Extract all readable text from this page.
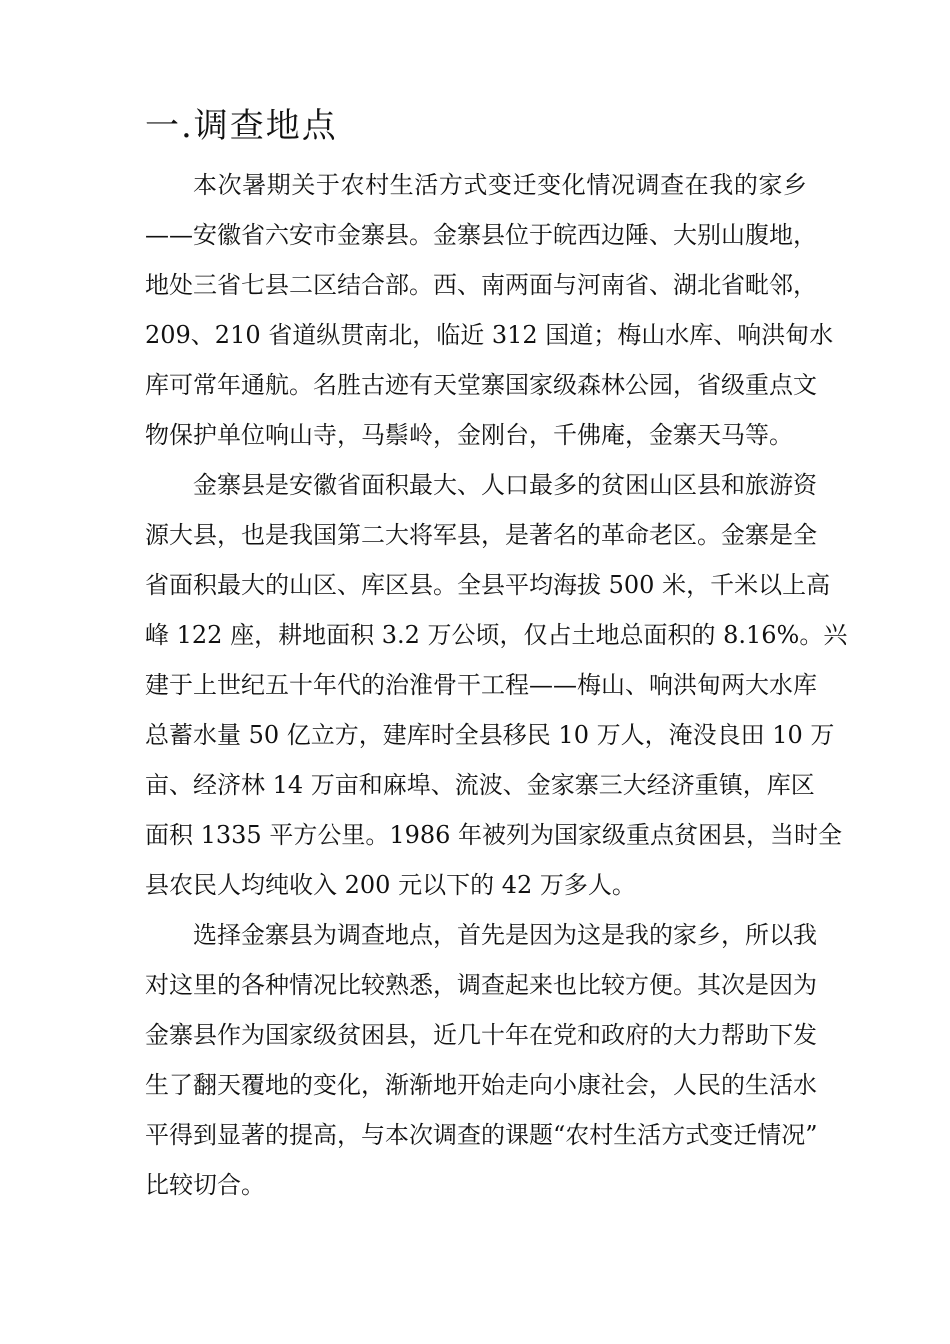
一.调查地点
本次暑期关于农村生活方式变迁变化情况调查在我的家乡
——安徽省六安市金寨县。金寨县位于皖西边陲、大别山腹地，
地处三省七县二区结合部。西、南两面与河南省、湖北省毗邻，
209、210 省道纵贯南北，临近 312 国道；梅山水库、响洪甸水
库可常年通航。名胜古迹有天堂寨国家级森林公园，省级重点文
物保护单位响山寺，马鬃岭，金刚台，千佛庵，金寨天马等。
金寨县是安徽省面积最大、人口最多的贫困山区县和旅游资
源大县，也是我国第二大将军县，是著名的革命老区。金寨是全
省面积最大的山区、库区县。全县平均海拔 500 米，千米以上高
峰 122 座，耕地面积 3.2 万公顷，仅占土地总面积的 8.16%。兴
建于上世纪五十年代的治淮骨干工程——梅山、响洪甸两大水库
总蓄水量 50 亿立方，建库时全县移民 10 万人，淹没良田 10 万
亩、经济林 14 万亩和麻埠、流波、金家寨三大经济重镇，库区
面积 1335 平方公里。1986 年被列为国家级重点贫困县，当时全
县农民人均纯收入 200 元以下的 42 万多人。
选择金寨县为调查地点，首先是因为这是我的家乡，所以我
对这里的各种情况比较熟悉，调查起来也比较方便。其次是因为
金寨县作为国家级贫困县，近几十年在党和政府的大力帮助下发
生了翻天覆地的变化，渐渐地开始走向小康社会，人民的生活水
平得到显著的提高，与本次调查的课题“农村生活方式变迁情况”
比较切合。
